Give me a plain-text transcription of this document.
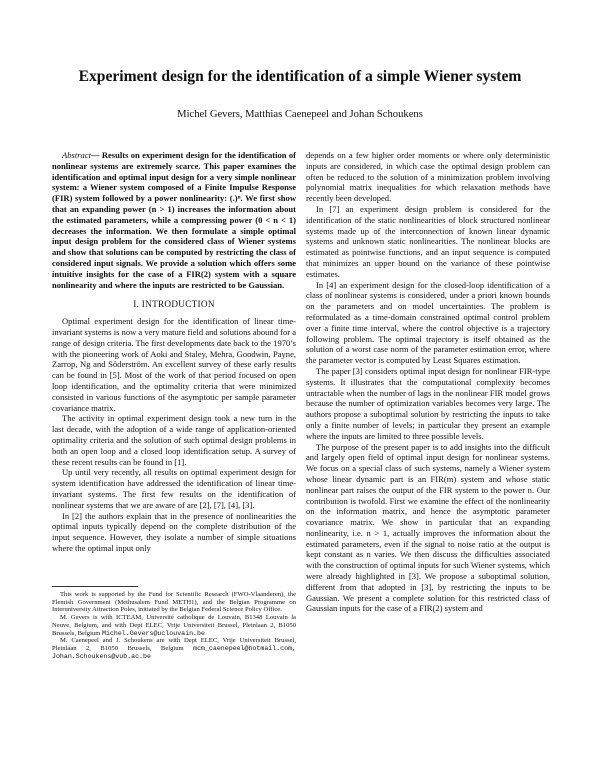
Experiment design for the identification of a simple Wiener system
Michel Gevers, Matthias Caenepeel and Johan Schoukens

Abstract— Results on experiment design for the identification of nonlinear systems are extremely scarce. This paper examines the identification and optimal input design for a very simple nonlinear system: a Wiener system composed of a Finite Impulse Response (FIR) system followed by a power nonlinearity: (.)ⁿ. We first show that an expanding power (n > 1) increases the information about the estimated parameters, while a compressing power (0 < n < 1) decreases the information. We then formulate a simple optimal input design problem for the considered class of Wiener systems and show that solutions can be computed by restricting the class of considered input signals. We provide a solution which offers some intuitive insights for the case of a FIR(2) system with a square nonlinearity and where the inputs are restricted to be Gaussian.

I. INTRODUCTION

Optimal experiment design for the identification of linear time-invariant systems is now a very mature field and solutions abound for a range of design criteria. The first developments date back to the 1970’s with the pioneering work of Aoki and Staley, Mehra, Goodwin, Payne, Zarrop, Ng and Söderström. An excellent survey of these early results can be found in [5]. Most of the work of that period focused on open loop identification, and the optimality criteria that were minimized consisted in various functions of the asymptotic per sample parameter covariance matrix.

The activity in optimal experiment design took a new turn in the last decade, with the adoption of a wide range of application-oriented optimality criteria and the solution of such optimal design problems in both an open loop and a closed loop identification setup. A survey of these recent results can be found in [1].

Up until very recently, all results on optimal experiment design for system identification have addressed the identification of linear time-invariant systems. The first few results on the identification of nonlinear systems that we are aware of are [2], [7], [4], [3].

In [2] the authors explain that in the presence of nonlinearities the optimal inputs typically depend on the complete distribution of the input sequence. However, they isolate a number of simple situations where the optimal input only

This work is supported by the Fund for Scientific Research (FWO-Vlaanderen), the Flemish Government (Methusalem Fund METH1), and the Belgian Programme on Interuniversity Attraction Poles, initiated by the Belgian Federal Science Policy Office.

M. Gevers is with ICTEAM, Université catholique de Louvain, B1348 Louvain la Neuve, Belgium, and with Dept ELEC, Vrije Universiteit Brussel, Pleinlaan 2, B1050 Brussels, Belgium Michel.Gevers@uclouvain.be

M. Caenepeel and J. Schoukens are with Dept ELEC, Vrije Universiteit Brussel, Pleinlaan 2, B1050 Brussels, Belgium mcm_caenepeel@hotmail.com, Johan.Schoukens@vub.ac.be

depends on a few higher order moments or where only deterministic inputs are considered, in which case the optimal design problem can often be reduced to the solution of a minimization problem involving polynomial matrix inequalities for which relaxation methods have recently been developed.

In [7] an experiment design problem is considered for the identification of the static nonlinearities of block structured nonlinear systems made up of the interconnection of known linear dynamic systems and unknown static nonlinearities. The nonlinear blocks are estimated as pointwise functions, and an input sequence is computed that minimizes an upper bound on the variance of these pointwise estimates.

In [4] an experiment design for the closed-loop identification of a class of nonlinear systems is considered, under a priori known bounds on the parameters and on model uncertainties. The problem is reformulated as a time-domain constrained optimal control problem over a finite time interval, where the control objective is a trajectory following problem. The optimal trajectory is itself obtained as the solution of a worst case norm of the parameter estimation error, where the parameter vector is computed by Least Squares estimation.

The paper [3] considers optimal input design for nonlinear FIR-type systems. It illustrates that the computational complexity becomes untractable when the number of lags in the nonlinear FIR model grows because the number of optimization variables becomes very large. The authors propose a suboptimal solution by restricting the inputs to take only a finite number of levels; in particular they present an example where the inputs are limited to three possible levels.

The purpose of the present paper is to add insights into the difficult and largely open field of optimal input design for nonlinear systems. We focus on a special class of such systems, namely a Wiener system whose linear dynamic part is an FIR(m) system and whose static nonlinear part raises the output of the FIR system to the power n. Our contribution is twofold. First we examine the effect of the nonlinearity on the information matrix, and hence the asymptotic parameter covariance matrix. We show in particular that an expanding nonlinearity, i.e. n > 1, actually improves the information about the estimated parameters, even if the signal to noise ratio at the output is kept constant as n varies. We then discuss the difficulties associated with the construction of optimal inputs for such Wiener systems, which were already highlighted in [3]. We propose a suboptimal solution, different from that adopted in [3], by restricting the inputs to be Gaussian. We present a complete solution for this restricted class of Gaussian inputs for the case of a FIR(2) system and
